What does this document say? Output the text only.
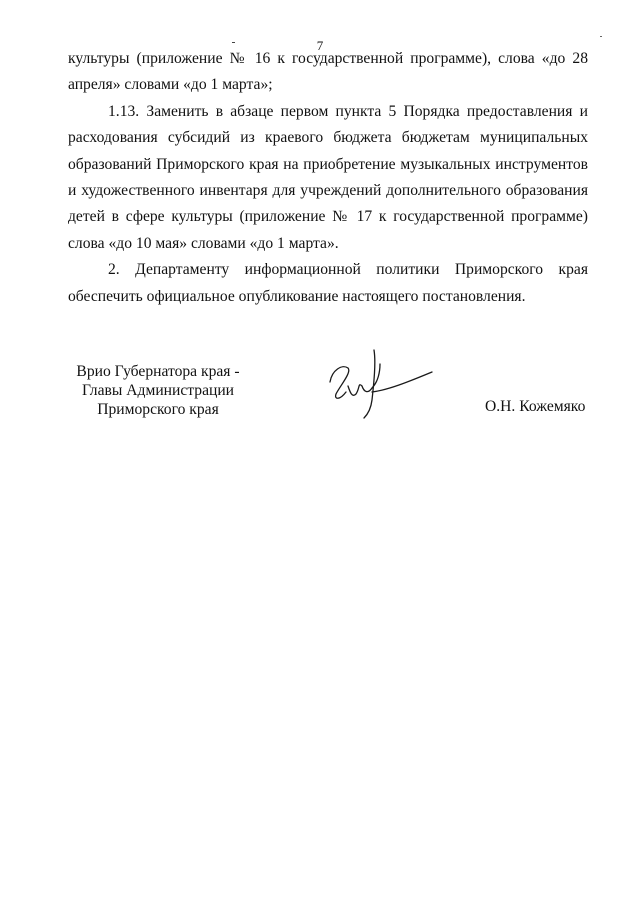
7

культуры (приложение № 16 к государственной программе), слова «до 28 апреля» словами «до 1 марта»;

1.13. Заменить в абзаце первом пункта 5 Порядка предоставления и расходования субсидий из краевого бюджета бюджетам муниципальных образований Приморского края на приобретение музыкальных инструментов и художественного инвентаря для учреждений дополнительного образования детей в сфере культуры (приложение № 17 к государственной программе) слова «до 10 мая» словами «до 1 марта».

2. Департаменту информационной политики Приморского края обеспечить официальное опубликование настоящего постановления.

Врио Губернатора края -
Главы Администрации
Приморского края	О.Н. Кожемяко
